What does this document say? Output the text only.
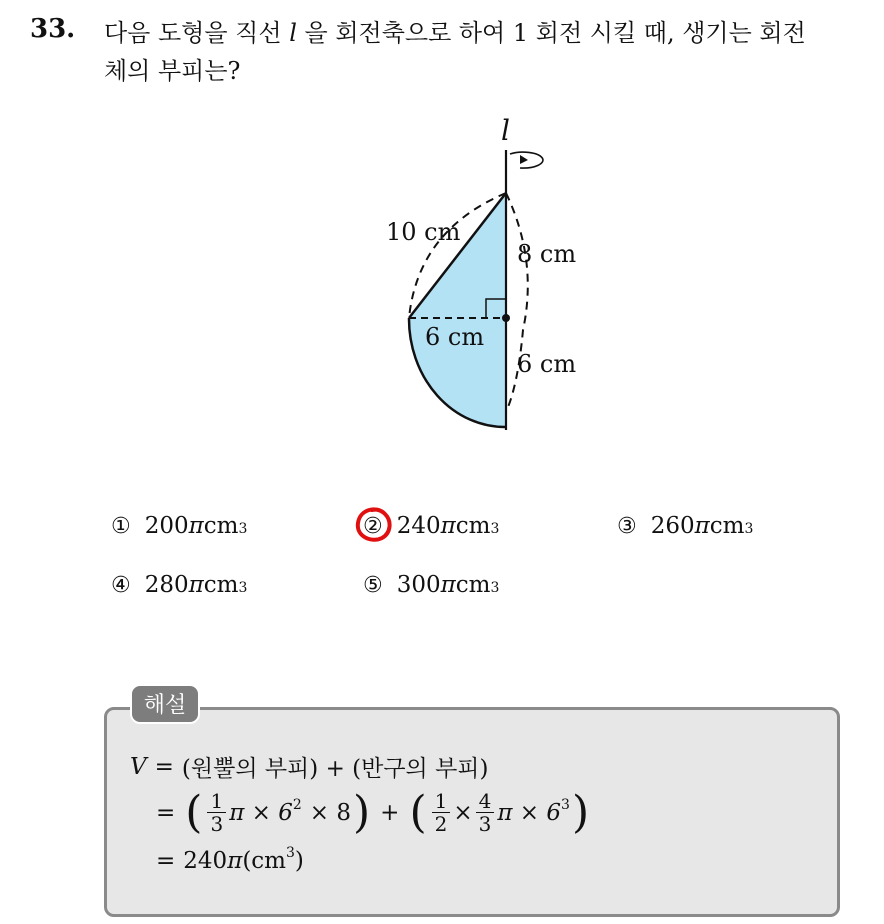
33. 다음 도형을 직선 l 을 회전축으로 하여 1 회전 시킬 때, 생기는 회전
체의 부피는?
l
10 cm
8 cm
6 cm
6 cm
① 200 π cm 3	② 240 π cm 3	③ 260 π cm 3
④ 280 π cm 3	⑤ 300 π cm 3
해설
V = (원뿔의 부피) + (반구의 부피)
= ( $\frac{1}{3}$ $\pi \times 6^2 \times 8$ ) + ( $\frac{1}{2} \times \frac{4}{3}$ $\pi \times 6^3$ )
= 240 π ($cm^3$ )
